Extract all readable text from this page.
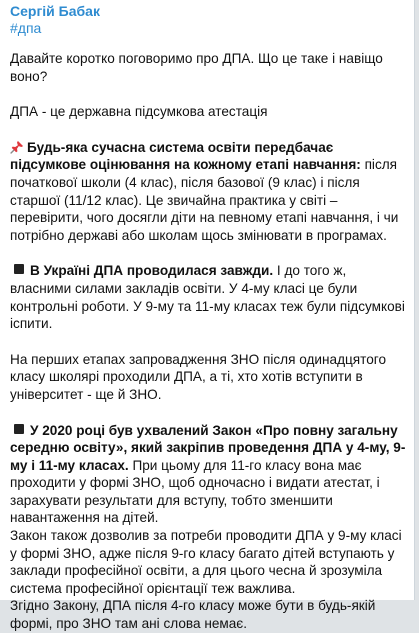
Сергій Бабак
#дпа

Давайте коротко поговоримо про ДПА. Що це таке і навіщо воно?

ДПА - це державна підсумкова атестація

Будь-яка сучасна система освіти передбачає підсумкове оцінювання на кожному етапі навчання: після початкової школи (4 клас), після базової (9 клас) і після старшої (11/12 клас). Це звичайна практика у світі – перевірити, чого досягли діти на певному етапі навчання, і чи потрібно державі або школам щось змінювати в програмах.

В Україні ДПА проводилася завжди. І до того ж, власними силами закладів освіти. У 4-му класі це були контрольні роботи. У 9-му та 11-му класах теж були підсумкові іспити.

На перших етапах запровадження ЗНО після одинадцятого класу школярі проходили ДПА, а ті, хто хотів вступити в університет - ще й ЗНО.

У 2020 році був ухвалений Закон «Про повну загальну середню освіту», який закріпив проведення ДПА у 4-му, 9-му і 11-му класах. При цьому для 11-го класу вона має проходити у формі ЗНО, щоб одночасно і видати атестат, і зарахувати результати для вступу, тобто зменшити навантаження на дітей.
Закон також дозволив за потреби проводити ДПА у 9-му класі у формі ЗНО, адже після 9-го класу багато дітей вступають у заклади професійної освіти, а для цього чесна й зрозуміла система професійної орієнтації теж важлива.
Згідно Закону, ДПА після 4-го класу може бути в будь-якій формі, про ЗНО там ані слова немає.
